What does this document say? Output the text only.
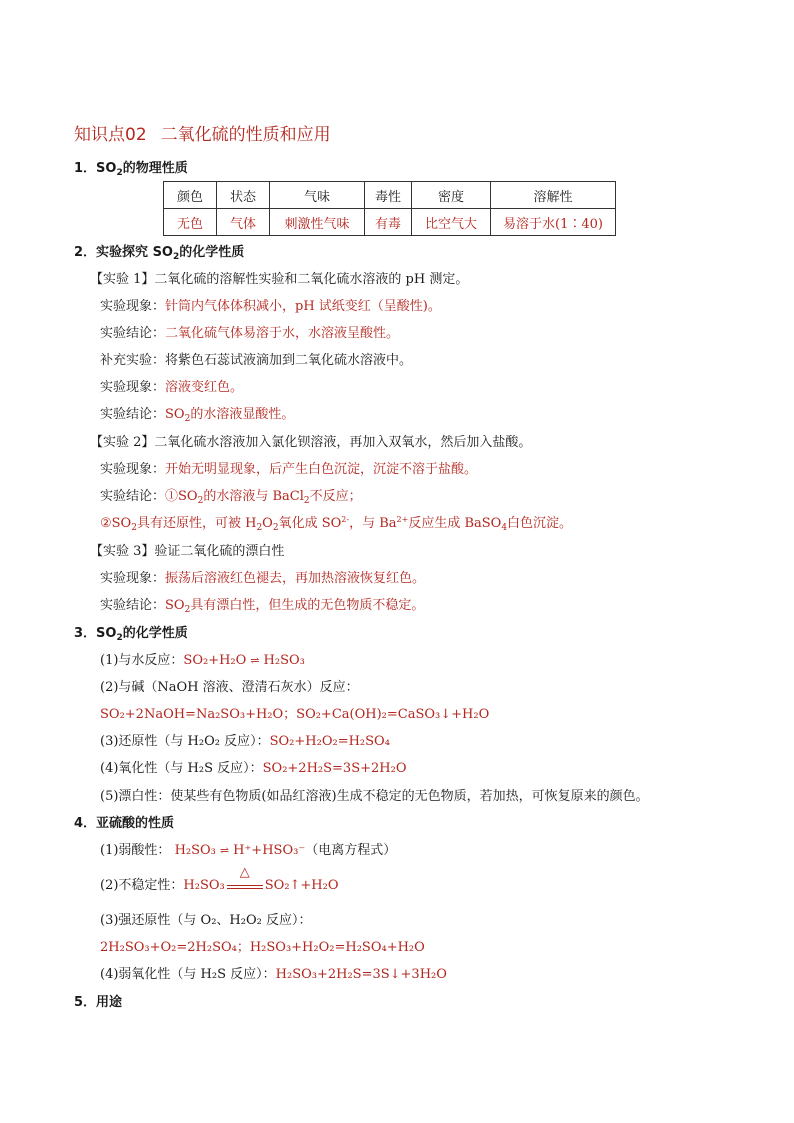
知识点02 二氧化硫的性质和应用
1．$SO_2$的物理性质
颜色	状态	气味	毒性	密度	溶解性
无色	气体	刺激性气味	有毒	比空气大	易溶于水(1∶40)
2．实验探究 $SO_2$的化学性质
【实验 1】二氧化硫的溶解性实验和二氧化硫水溶液的 pH 测定。
实验现象：针筒内气体体积减小，pH 试纸变红（呈酸性)。
实验结论：二氧化硫气体易溶于水，水溶液呈酸性。
补充实验：将紫色石蕊试液滴加到二氧化硫水溶液中。
实验现象：溶液变红色。
实验结论：$SO_2$的水溶液显酸性。
【实验 2】二氧化硫水溶液加入氯化钡溶液，再加入双氧水，然后加入盐酸。
实验现象：开始无明显现象，后产生白色沉淀，沉淀不溶于盐酸。
实验结论：$①SO_2$的水溶液与 BaCl$_2$不反应；
$②SO_2$具有还原性，可被 $H_2O_2$氧化成 $SO^{2-}$，与 $Ba^{2+}$反应生成 BaSO$_4$白色沉淀。
【实验 3】验证二氧化硫的漂白性
实验现象：振荡后溶液红色褪去，再加热溶液恢复红色。
实验结论：$SO_2$具有漂白性，但生成的无色物质不稳定。
3．$SO_2$的化学性质
(1)与水反应：SO₂+H₂O ⇌ H₂SO₃
(2)与碱（NaOH 溶液、澄清石灰水）反应：
SO₂+2NaOH=Na₂SO₃+H₂O；SO₂+Ca(OH)₂=CaSO₃↓+H₂O
(3)还原性（与 H₂O₂ 反应）：SO₂+H₂O₂=H₂SO₄
(4)氧化性（与 H₂S 反应）：SO₂+2H₂S=3S+2H₂O
(5)漂白性：使某些有色物质(如品红溶液)生成不稳定的无色物质，若加热，可恢复原来的颜色。
4．亚硫酸的性质
(1)弱酸性： H₂SO₃ ⇌ H⁺+HSO₃⁻（电离方程式）
(2)不稳定性：H₂SO₃
△
SO₂↑+H₂O
(3)强还原性（与 O₂、H₂O₂ 反应）：
2H₂SO₃+O₂=2H₂SO₄；H₂SO₃+H₂O₂=H₂SO₄+H₂O
(4)弱氧化性（与 H₂S 反应）：H₂SO₃+2H₂S=3S↓+3H₂O
5．用途
